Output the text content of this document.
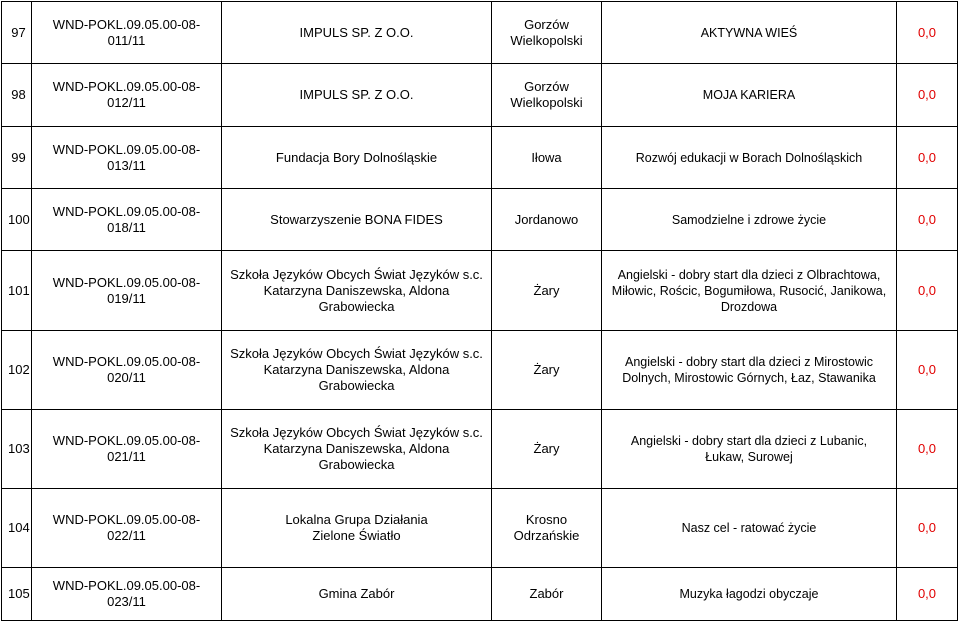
97	WND-POKL.09.05.00-08-011/11	IMPULS SP. Z O.O.	Gorzów
Wielkopolski	AKTYWNA WIEŚ	0,0
98	WND-POKL.09.05.00-08-012/11	IMPULS SP. Z O.O.	Gorzów
Wielkopolski	MOJA KARIERA	0,0
99	WND-POKL.09.05.00-08-013/11	Fundacja Bory Dolnośląskie	Iłowa	Rozwój edukacji w Borach Dolnośląskich	0,0
100	WND-POKL.09.05.00-08-018/11	Stowarzyszenie BONA FIDES	Jordanowo	Samodzielne i zdrowe życie	0,0
101	WND-POKL.09.05.00-08-019/11	Szkoła Języków Obcych Świat Języków s.c.
Katarzyna Daniszewska, Aldona Grabowiecka	Żary	Angielski - dobry start dla dzieci z Olbrachtowa,
Miłowic, Rościc, Bogumiłowa, Rusocić, Janikowa,
Drozdowa	0,0
102	WND-POKL.09.05.00-08-020/11	Szkoła Języków Obcych Świat Języków s.c.
Katarzyna Daniszewska, Aldona Grabowiecka	Żary	Angielski - dobry start dla dzieci z Mirostowic
Dolnych, Mirostowic Górnych, Łaz, Stawanika	0,0
103	WND-POKL.09.05.00-08-021/11	Szkoła Języków Obcych Świat Języków s.c.
Katarzyna Daniszewska, Aldona Grabowiecka	Żary	Angielski - dobry start dla dzieci z Lubanic,
Łukaw, Surowej	0,0
104	WND-POKL.09.05.00-08-022/11	Lokalna Grupa Działania
Zielone Światło	Krosno
Odrzańskie	Nasz cel - ratować życie	0,0
105	WND-POKL.09.05.00-08-023/11	Gmina Zabór	Zabór	Muzyka łagodzi obyczaje	0,0
